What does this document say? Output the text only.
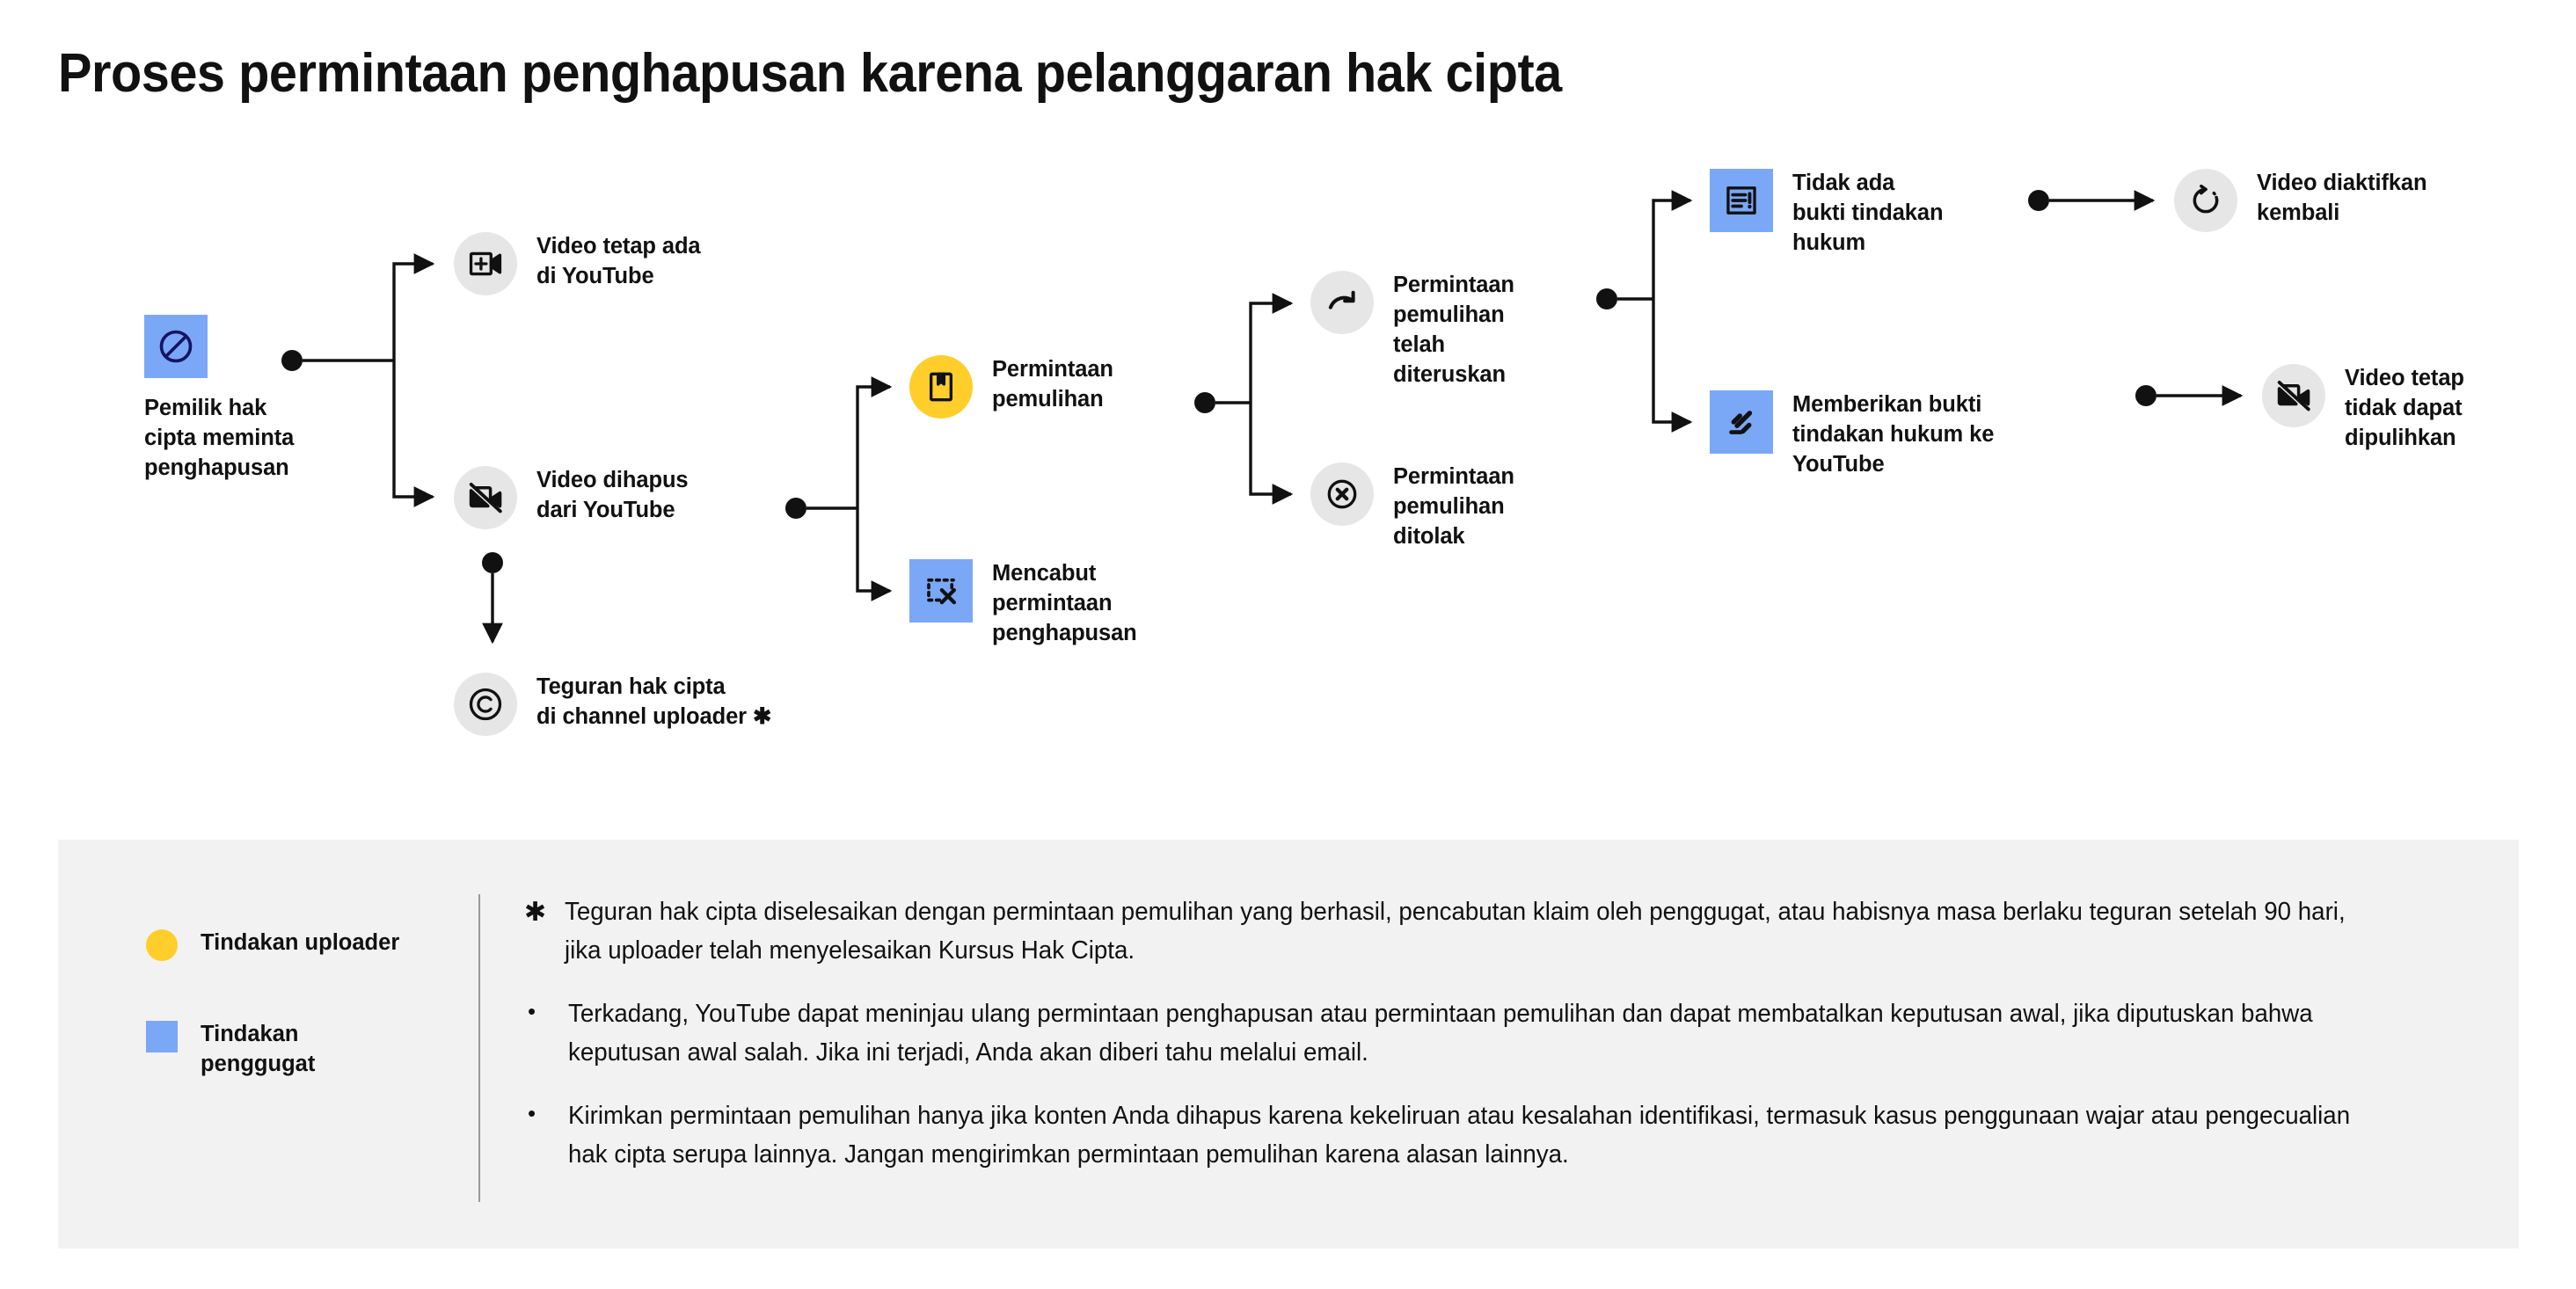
Proses permintaan penghapusan karena pelanggaran hak cipta
Pemilik hak
cipta meminta
penghapusan
Video tetap ada
di YouTube
Video dihapus
dari YouTube
Teguran hak cipta
di channel uploader ✱
Permintaan
pemulihan
Mencabut
permintaan
penghapusan
Permintaan
pemulihan
telah
diteruskan
Permintaan
pemulihan
ditolak
Tidak ada
bukti tindakan
hukum
Memberikan bukti
tindakan hukum ke
YouTube
Video diaktifkan
kembali
Video tetap
tidak dapat
dipulihkan
Tindakan uploader
Tindakan
penggugat
✱ Teguran hak cipta diselesaikan dengan permintaan pemulihan yang berhasil, pencabutan klaim oleh penggugat, atau habisnya masa berlaku teguran setelah 90 hari, jika uploader telah menyelesaikan Kursus Hak Cipta.
•	Terkadang, YouTube dapat meninjau ulang permintaan penghapusan atau permintaan pemulihan dan dapat membatalkan keputusan awal, jika diputuskan bahwa keputusan awal salah. Jika ini terjadi, Anda akan diberi tahu melalui email.
•	Kirimkan permintaan pemulihan hanya jika konten Anda dihapus karena kekeliruan atau kesalahan identifikasi, termasuk kasus penggunaan wajar atau pengecualian hak cipta serupa lainnya. Jangan mengirimkan permintaan pemulihan karena alasan lainnya.
